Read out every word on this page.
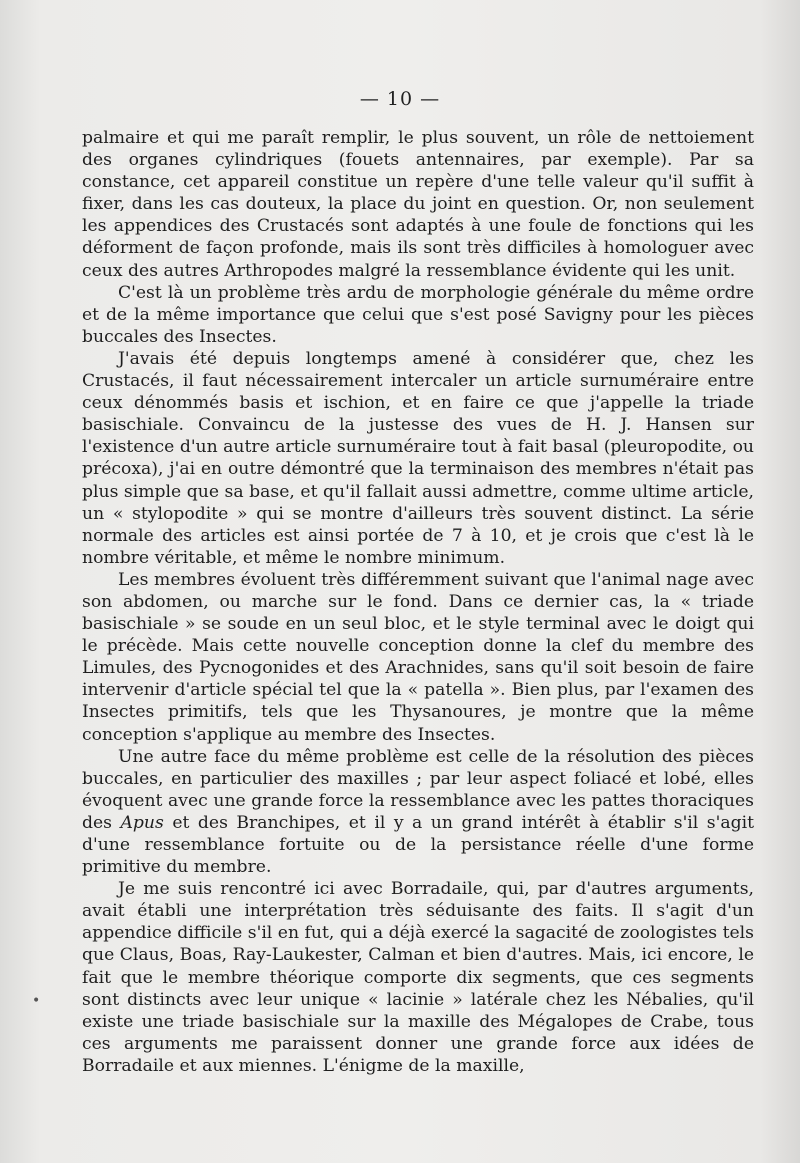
— 10 —

palmaire et qui me paraît remplir, le plus souvent, un rôle de nettoiement des organes cylindriques (fouets antennaires, par exemple). Par sa constance, cet appareil constitue un repère d'une telle valeur qu'il suffit à fixer, dans les cas douteux, la place du joint en question. Or, non seulement les appendices des Crustacés sont adaptés à une foule de fonctions qui les déforment de façon profonde, mais ils sont très difficiles à homologuer avec ceux des autres Arthropodes malgré la ressemblance évidente qui les unit.

C'est là un problème très ardu de morphologie générale du même ordre et de la même importance que celui que s'est posé Savigny pour les pièces buccales des Insectes.

J'avais été depuis longtemps amené à considérer que, chez les Crustacés, il faut nécessairement intercaler un article surnuméraire entre ceux dénommés basis et ischion, et en faire ce que j'appelle la triade basischiale. Convaincu de la justesse des vues de H. J. Hansen sur l'existence d'un autre article surnuméraire tout à fait basal (pleuropodite, ou précoxa), j'ai en outre démontré que la terminaison des membres n'était pas plus simple que sa base, et qu'il fallait aussi admettre, comme ultime article, un « stylopodite » qui se montre d'ailleurs très souvent distinct. La série normale des articles est ainsi portée de 7 à 10, et je crois que c'est là le nombre véritable, et même le nombre minimum.

Les membres évoluent très différemment suivant que l'animal nage avec son abdomen, ou marche sur le fond. Dans ce dernier cas, la « triade basischiale » se soude en un seul bloc, et le style terminal avec le doigt qui le précède. Mais cette nouvelle conception donne la clef du membre des Limules, des Pycnogonides et des Arachnides, sans qu'il soit besoin de faire intervenir d'article spécial tel que la « patella ». Bien plus, par l'examen des Insectes primitifs, tels que les Thysanoures, je montre que la même conception s'applique au membre des Insectes.

Une autre face du même problème est celle de la résolution des pièces buccales, en particulier des maxilles ; par leur aspect foliacé et lobé, elles évoquent avec une grande force la ressemblance avec les pattes thoraciques des Apus et des Branchipes, et il y a un grand intérêt à établir s'il s'agit d'une ressemblance fortuite ou de la persistance réelle d'une forme primitive du membre.

Je me suis rencontré ici avec Borradaile, qui, par d'autres arguments, avait établi une interprétation très séduisante des faits. Il s'agit d'un appendice difficile s'il en fut, qui a déjà exercé la sagacité de zoologistes tels que Claus, Boas, Ray-Laukester, Calman et bien d'autres. Mais, ici encore, le fait que le membre théorique comporte dix segments, que ces segments sont distincts avec leur unique « lacinie » latérale chez les Nébalies, qu'il existe une triade basischiale sur la maxille des Mégalopes de Crabe, tous ces arguments me paraissent donner une grande force aux idées de Borradaile et aux miennes. L'énigme de la maxille,

•
